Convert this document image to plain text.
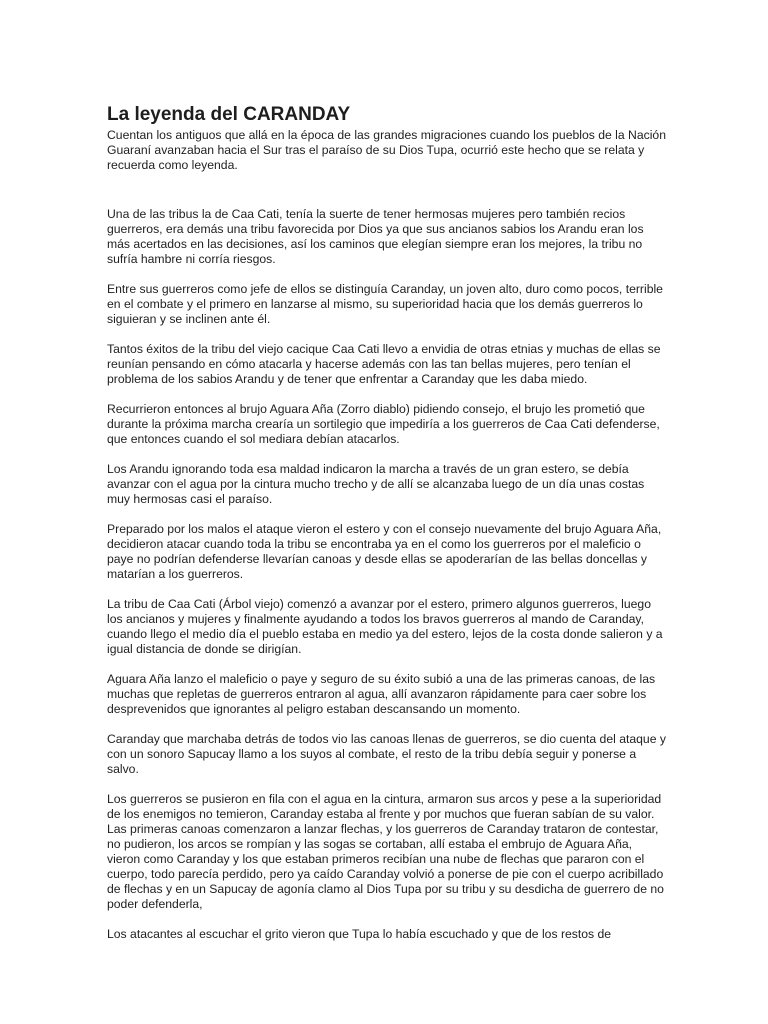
La leyenda del CARANDAY

Cuentan los antiguos que allá en la época de las grandes migraciones cuando los pueblos de la Nación Guaraní avanzaban hacia el Sur tras el paraíso de su Dios Tupa, ocurrió este hecho que se relata y recuerda como leyenda.

Una de las tribus la de Caa Cati, tenía la suerte de tener hermosas mujeres pero también recios guerreros, era demás una tribu favorecida por Dios ya que sus ancianos sabios los Arandu eran los más acertados en las decisiones, así los caminos que elegían siempre eran los mejores, la tribu no sufría hambre ni corría riesgos.

Entre sus guerreros como jefe de ellos se distinguía Caranday, un joven alto, duro como pocos, terrible en el combate y el primero en lanzarse al mismo, su superioridad hacia que los demás guerreros lo siguieran y se inclinen ante él.

Tantos éxitos de la tribu del viejo cacique Caa Cati llevo a envidia de otras etnias y muchas de ellas se reunían pensando en cómo atacarla y hacerse además con las tan bellas mujeres, pero tenían el problema de los sabios Arandu y de tener que enfrentar a Caranday que les daba miedo.

Recurrieron entonces al brujo Aguara Aña (Zorro diablo) pidiendo consejo, el brujo les prometió que durante la próxima marcha crearía un sortilegio que impediría a los guerreros de Caa Cati defenderse, que entonces cuando el sol mediara debían atacarlos.

Los Arandu ignorando toda esa maldad indicaron la marcha a través de un gran estero, se debía avanzar con el agua por la cintura mucho trecho y de allí se alcanzaba luego de un día unas costas muy hermosas casi el paraíso.

Preparado por los malos el ataque vieron el estero y con el consejo nuevamente del brujo Aguara Aña, decidieron atacar cuando toda la tribu se encontraba ya en el como los guerreros por el maleficio o paye no podrían defenderse llevarían canoas y desde ellas se apoderarían de las bellas doncellas y matarían a los guerreros.

La tribu de Caa Cati (Árbol viejo) comenzó a avanzar por el estero, primero algunos guerreros, luego los ancianos y mujeres y finalmente ayudando a todos los bravos guerreros al mando de Caranday, cuando llego el medio día el pueblo estaba en medio ya del estero, lejos de la costa donde salieron y a igual distancia de donde se dirigían.

Aguara Aña lanzo el maleficio o paye y seguro de su éxito subió a una de las primeras canoas, de las muchas que repletas de guerreros entraron al agua, allí avanzaron rápidamente para caer sobre los desprevenidos que ignorantes al peligro estaban descansando un momento.

Caranday que marchaba detrás de todos vio las canoas llenas de guerreros, se dio cuenta del ataque y con un sonoro Sapucay llamo a los suyos al combate, el resto de la tribu debía seguir y ponerse a salvo.

Los guerreros se pusieron en fila con el agua en la cintura, armaron sus arcos y pese a la superioridad de los enemigos no temieron, Caranday estaba al frente y por muchos que fueran sabían de su valor. Las primeras canoas comenzaron a lanzar flechas, y los guerreros de Caranday trataron de contestar, no pudieron, los arcos se rompían y las sogas se cortaban, allí estaba el embrujo de Aguara Aña, vieron como Caranday y los que estaban primeros recibían una nube de flechas que pararon con el cuerpo, todo parecía perdido, pero ya caído Caranday volvió a ponerse de pie con el cuerpo acribillado de flechas y en un Sapucay de agonía clamo al Dios Tupa por su tribu y su desdicha de guerrero de no poder defenderla,

Los atacantes al escuchar el grito vieron que Tupa lo había escuchado y que de los restos de
